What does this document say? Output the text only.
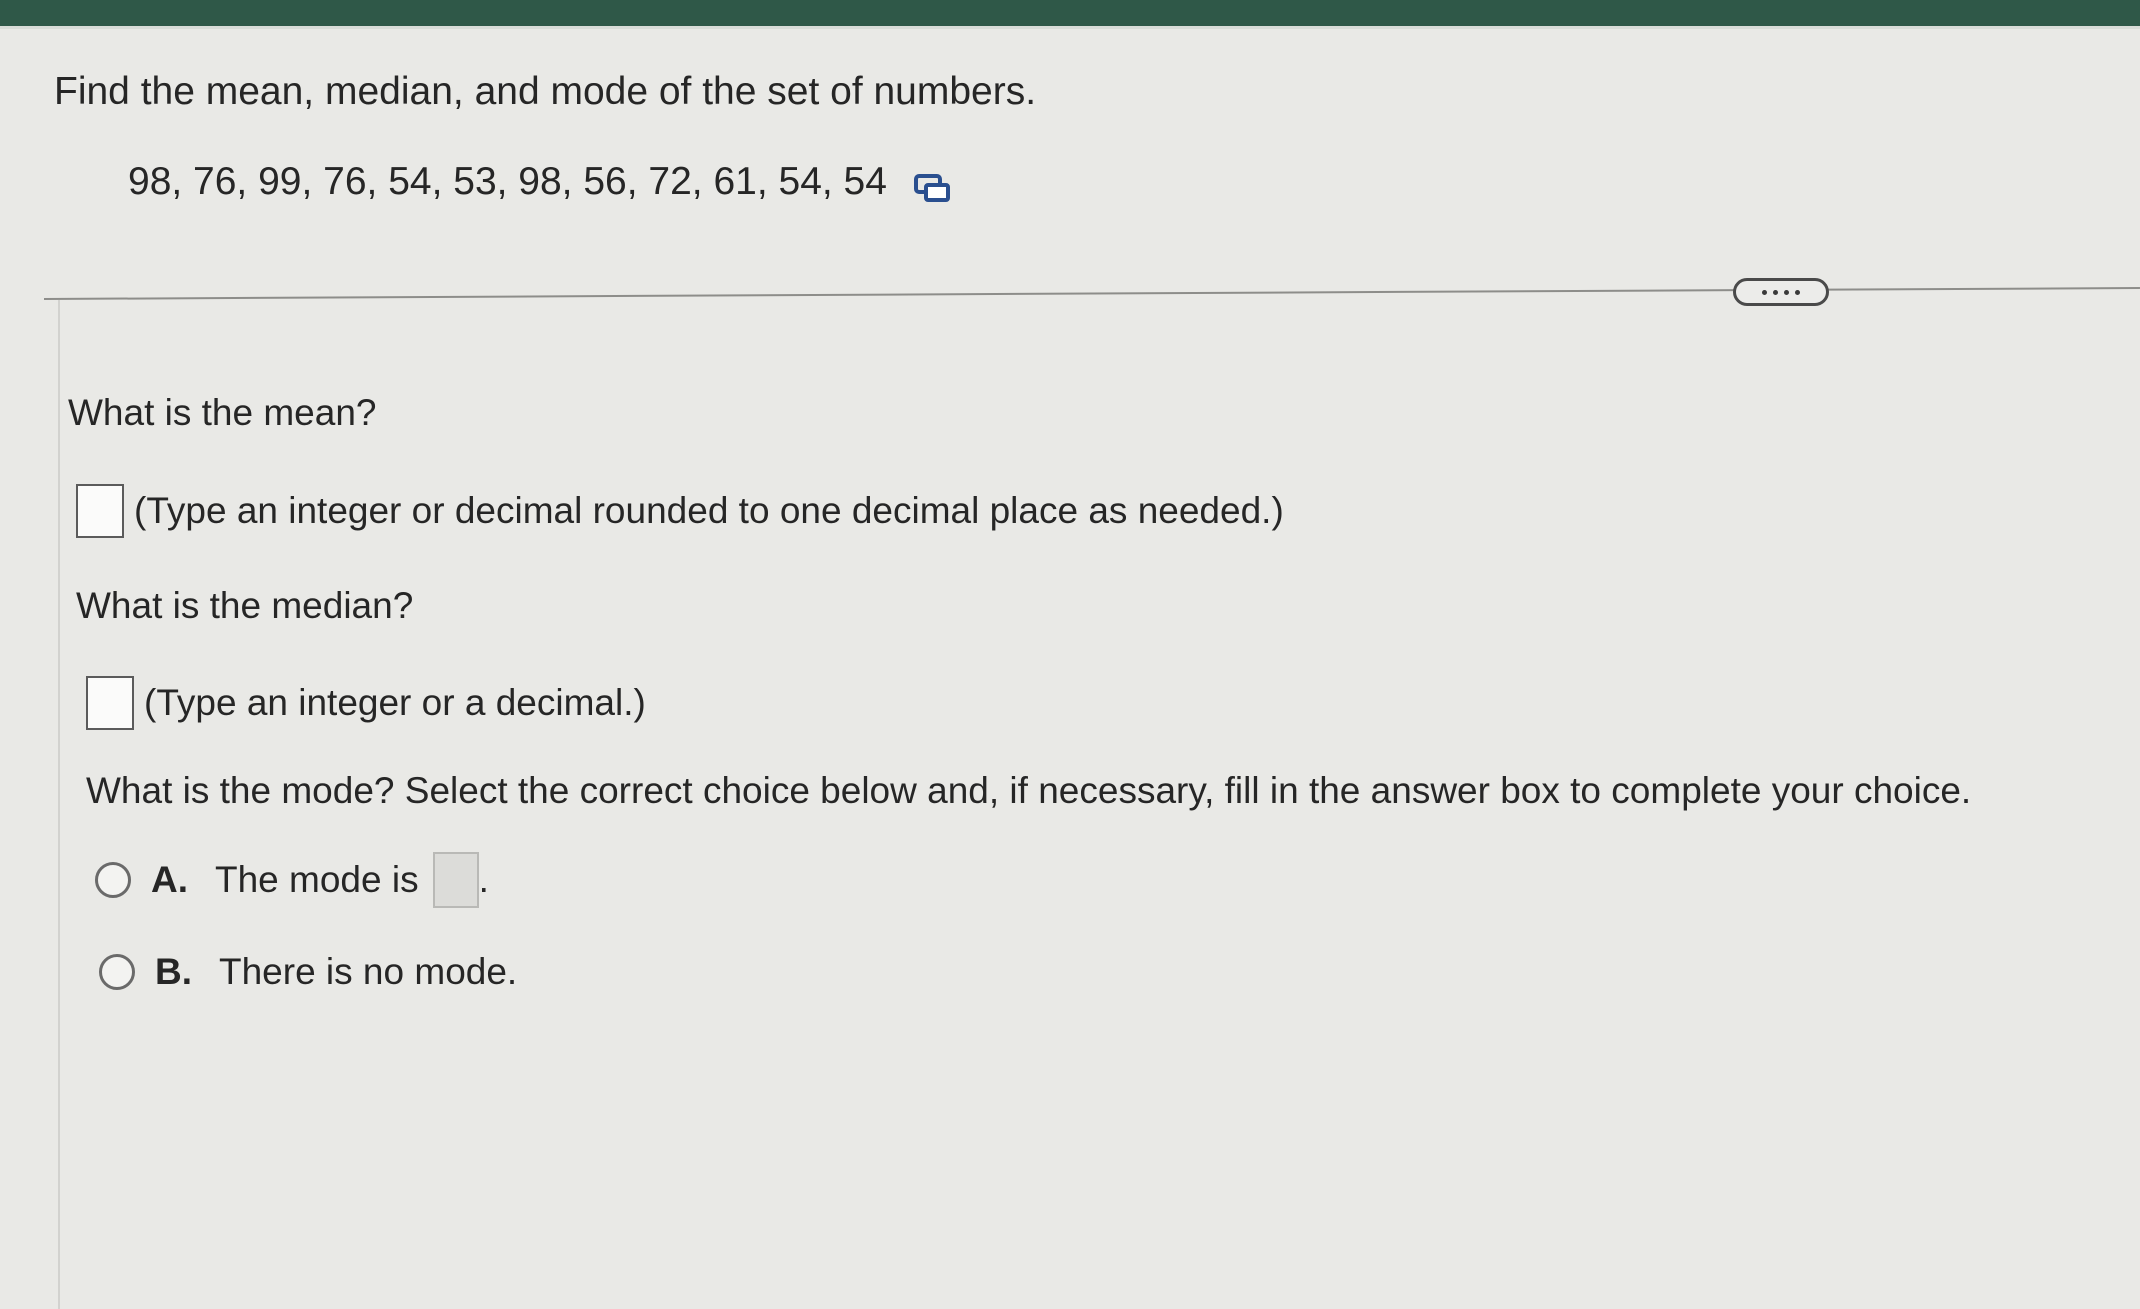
Find the mean, median, and mode of the set of numbers.

98, 76, 99, 76, 54, 53, 98, 56, 72, 61, 54, 54

What is the mean?

(Type an integer or decimal rounded to one decimal place as needed.)

What is the median?

(Type an integer or a decimal.)

What is the mode? Select the correct choice below and, if necessary, fill in the answer box to complete your choice.

A. The mode is .
B. There is no mode.
